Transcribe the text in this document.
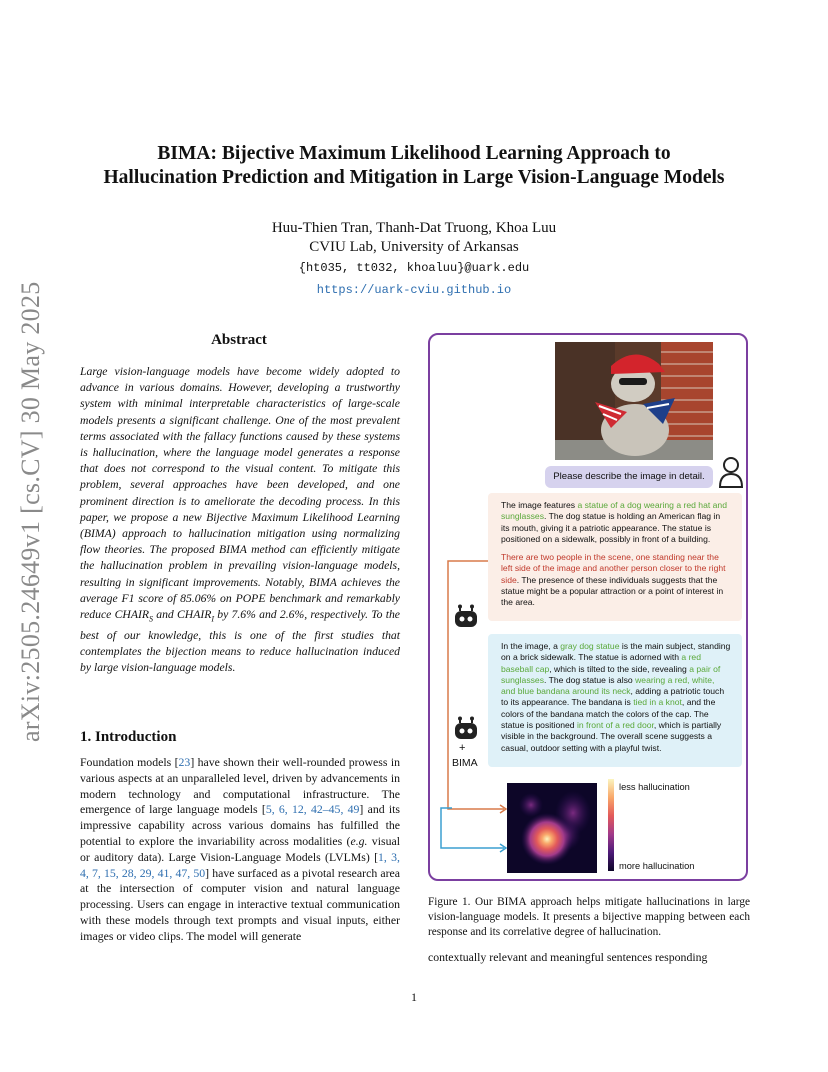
arXiv:2505.24649v1 [cs.CV] 30 May 2025
BIMA: Bijective Maximum Likelihood Learning Approach to
Hallucination Prediction and Mitigation in Large Vision-Language Models
Huu-Thien Tran, Thanh-Dat Truong, Khoa Luu
CVIU Lab, University of Arkansas
{ht035, tt032, khoaluu}@uark.edu
https://uark-cviu.github.io
Abstract
Large vision-language models have become widely adopted to advance in various domains. However, developing a trustworthy system with minimal interpretable characteristics of large-scale models presents a significant challenge. One of the most prevalent terms associated with the fallacy functions caused by these systems is hallucination, where the language model generates a response that does not correspond to the visual content. To mitigate this problem, several approaches have been developed, and one prominent direction is to ameliorate the decoding process. In this paper, we propose a new Bijective Maximum Likelihood Learning (BIMA) approach to hallucination mitigation using normalizing flow theories. The proposed BIMA method can efficiently mitigate the hallucination problem in prevailing vision-language models, resulting in significant improvements. Notably, BIMA achieves the average F1 score of 85.06% on POPE benchmark and remarkably reduce $CHAIR_S$ and $CHAIR_I$ by 7.6% and 2.6%, respectively. To the best of our knowledge, this is one of the first studies that contemplates the bijection means to reduce hallucination induced by large vision-language models.
1. Introduction
Foundation models [23] have shown their well-rounded prowess in various aspects at an unparalleled level, driven by advancements in modern technology and computational infrastructure. The emergence of large language models [5, 6, 12, 42–45, 49] and its impressive capability across various domains has fulfilled the potential to explore the invariability across modalities (e.g. visual or auditory data). Large Vision-Language Models (LVLMs) [1, 3, 4, 7, 15, 28, 29, 41, 47, 50] have surfaced as a pivotal research area at the intersection of computer vision and natural language processing. Users can engage in interactive textual communication with these models through text prompts and visual inputs, either images or video clips. The model will generate
Please describe the image in detail.
The image features a statue of a dog wearing a red hat and sunglasses. The dog statue is holding an American flag in its mouth, giving it a patriotic appearance. The statue is positioned on a sidewalk, possibly in front of a building.
There are two people in the scene, one standing near the left side of the image and another person closer to the right side. The presence of these individuals suggests that the statue might be a popular attraction or a point of interest in the area.
In the image, a gray dog statue is the main subject, standing on a brick sidewalk. The statue is adorned with a red baseball cap, which is tilted to the side, revealing a pair of sunglasses. The dog statue is also wearing a red, white, and blue bandana around its neck, adding a patriotic touch to its appearance. The bandana is tied in a knot, and the colors of the bandana match the colors of the cap. The statue is positioned in front of a red door, which is partially visible in the background. The overall scene suggests a casual, outdoor setting with a playful twist.
+
BIMA
less hallucination
more hallucination
Figure 1. Our BIMA approach helps mitigate hallucinations in large vision-language models. It presents a bijective mapping between each response and its correlative degree of hallucination.
contextually relevant and meaningful sentences responding
1
